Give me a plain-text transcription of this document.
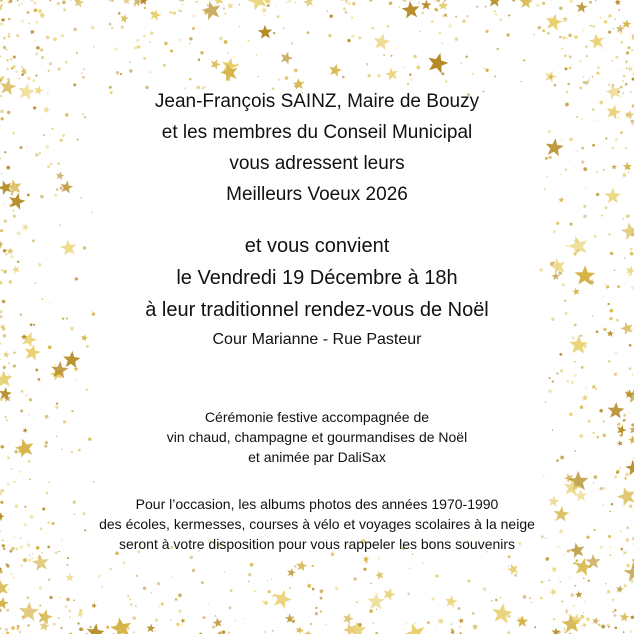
Jean-François SAINZ, Maire de Bouzy
et les membres du Conseil Municipal
vous adressent leurs
Meilleurs Voeux 2026
et vous convient
le Vendredi 19 Décembre à 18h
à leur traditionnel rendez-vous de Noël
Cour Marianne - Rue Pasteur
Cérémonie festive accompagnée de
vin chaud, champagne et gourmandises de Noël
et animée par DaliSax
Pour l’occasion, les albums photos des années 1970-1990
des écoles, kermesses, courses à vélo et voyages scolaires à la neige
seront à votre disposition pour vous rappeler les bons souvenirs
